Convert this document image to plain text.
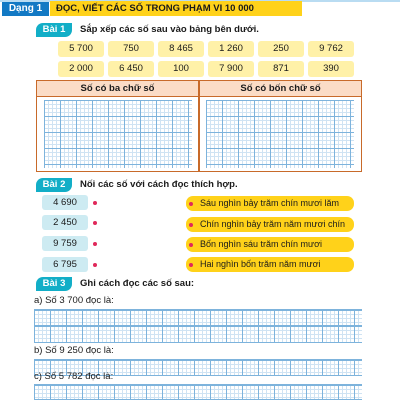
Dạng 1	ĐỌC, VIẾT CÁC SỐ TRONG PHẠM VI 10 000
Bài 1	Sắp xếp các số sau vào bảng bên dưới.
5 700	750	8 465	1 260	250	9 762
2 000	6 450	100	7 900	871	390
Số có ba chữ số	Số có bốn chữ số
Bài 2	Nối các số với cách đọc thích hợp.
4 690
2 450
9 759
6 795
Sáu nghìn bảy trăm chín mươi lăm
Chín nghìn bảy trăm năm mươi chín
Bốn nghìn sáu trăm chín mươi
Hai nghìn bốn trăm năm mươi
Bài 3	Ghi cách đọc các số sau:
a) Số 3 700 đọc là:
b) Số 9 250 đọc là:
c) Số 5 782 đọc là:
